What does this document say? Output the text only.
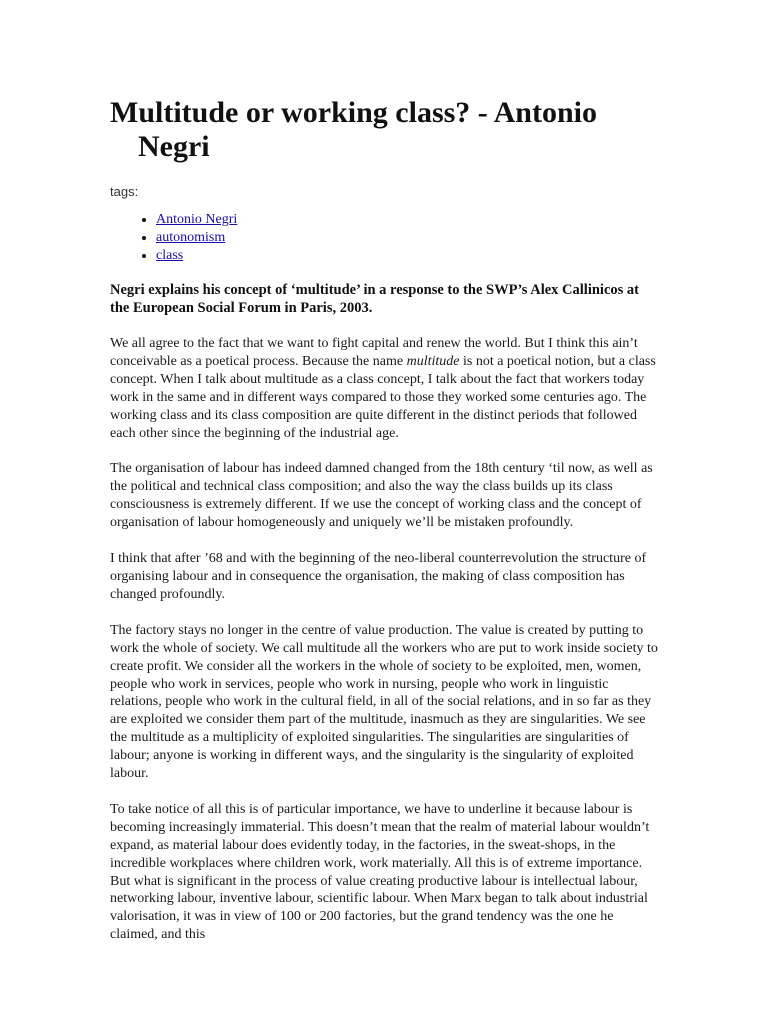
Multitude or working class? - Antonio Negri
tags:
• Antonio Negri
• autonomism
• class

Negri explains his concept of ‘multitude’ in a response to the SWP’s Alex Callinicos at the European Social Forum in Paris, 2003.

We all agree to the fact that we want to fight capital and renew the world. But I think this ain’t conceivable as a poetical process. Because the name multitude is not a poetical notion, but a class concept. When I talk about multitude as a class concept, I talk about the fact that workers today work in the same and in different ways compared to those they worked some centuries ago. The working class and its class composition are quite different in the distinct periods that followed each other since the beginning of the industrial age.

The organisation of labour has indeed damned changed from the 18th century ‘til now, as well as the political and technical class composition; and also the way the class builds up its class consciousness is extremely different. If we use the concept of working class and the concept of organisation of labour homogeneously and uniquely we’ll be mistaken profoundly.

I think that after ’68 and with the beginning of the neo-liberal counterrevolution the structure of organising labour and in consequence the organisation, the making of class composition has changed profoundly.

The factory stays no longer in the centre of value production. The value is created by putting to work the whole of society. We call multitude all the workers who are put to work inside society to create profit. We consider all the workers in the whole of society to be exploited, men, women, people who work in services, people who work in nursing, people who work in linguistic relations, people who work in the cultural field, in all of the social relations, and in so far as they are exploited we consider them part of the multitude, inasmuch as they are singularities. We see the multitude as a multiplicity of exploited singularities. The singularities are singularities of labour; anyone is working in different ways, and the singularity is the singularity of exploited labour.

To take notice of all this is of particular importance, we have to underline it because labour is becoming increasingly immaterial. This doesn’t mean that the realm of material labour wouldn’t expand, as material labour does evidently today, in the factories, in the sweat-shops, in the incredible workplaces where children work, work materially. All this is of extreme importance. But what is significant in the process of value creating productive labour is intellectual labour, networking labour, inventive labour, scientific labour. When Marx began to talk about industrial valorisation, it was in view of 100 or 200 factories, but the grand tendency was the one he claimed, and this
